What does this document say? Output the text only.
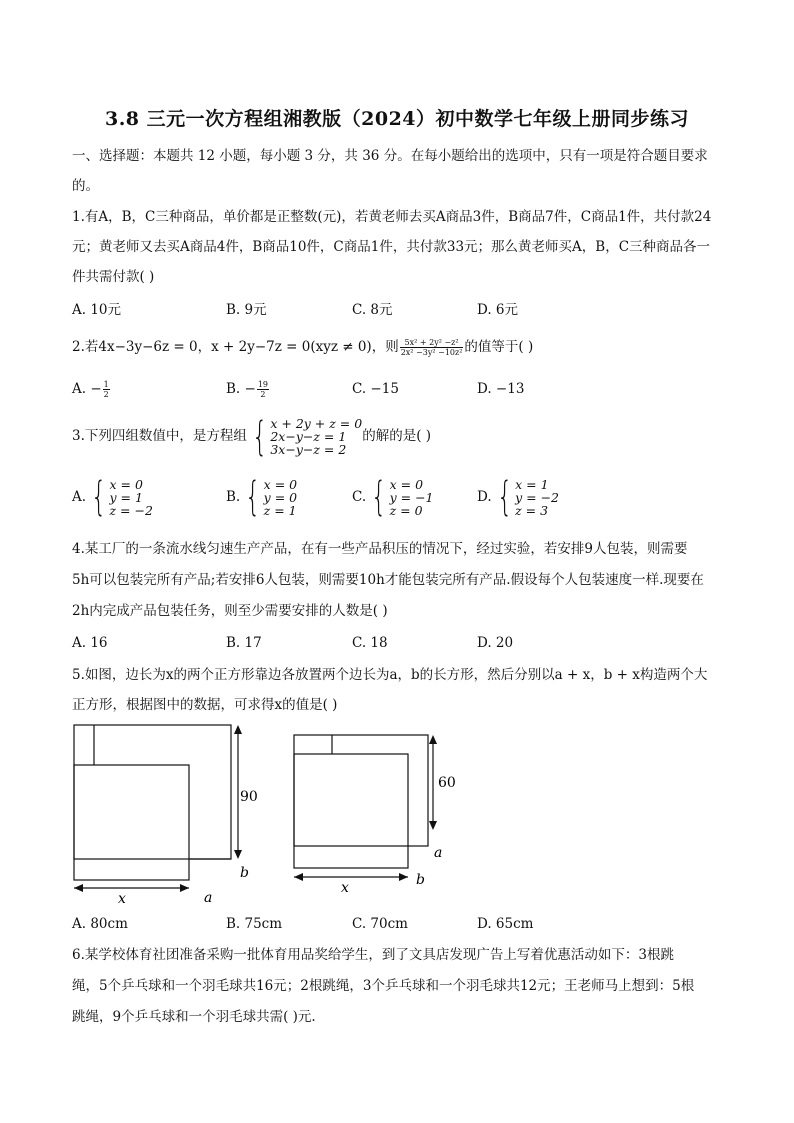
3.8 三元一次方程组湘教版（2024）初中数学七年级上册同步练习
一、选择题：本题共 12 小题，每小题 3 分，共 36 分。在每小题给出的选项中，只有一项是符合题目要求
的。
1.有A，B，C三种商品，单价都是正整数(元)，若黄老师去买A商品3件，B商品7件，C商品1件，共付款24
元；黄老师又去买A商品4件，B商品10件，C商品1件，共付款33元；那么黄老师买A，B，C三种商品各一
件共需付款( )
A. 10元	B. 9元	C. 8元	D. 6元
2.若4x−3y−6z = 0，x + 2y−7z = 0(xyz ≠ 0)，则 $\frac{\text{5x² + 2y² −z²}}{\text{2x² −3y² −10z²}}$ 的值等于( )
A. − $\frac{1}{2}$	B. − $\frac{19}{2}$	C. −15	D. −13
3.下列四组数值中，是方程组 { x + 2y + z = 0
2x−y−z = 1
3x−y−z = 2
的解的是( )
A. { x = 0
y = 1
z = −2
B. { x = 0
y = 0
z = 1
C. { x = 0
y = −1
z = 0
D. { x = 1
y = −2
z = 3
4.某工厂的一条流水线匀速生产产品，在有一些产品积压的情况下，经过实验，若安排9人包装，则需要
5h可以包装完所有产品;若安排6人包装，则需要10h才能包装完所有产品.假设每个人包装速度一样.现要在
2h内完成产品包装任务，则至少需要安排的人数是( )
A. 16	B. 17	C. 18	D. 20
5.如图，边长为x的两个正方形靠边各放置两个边长为a，b的长方形，然后分别以a + x，b + x构造两个大
正方形，根据图中的数据，可求得x的值是( )
90
60
x
x
a
b
a
b
A. 80cm	B. 75cm	C. 70cm	D. 65cm
6.某学校体育社团准备采购一批体育用品奖给学生，到了文具店发现广告上写着优惠活动如下：3根跳
绳，5个乒乓球和一个羽毛球共16元；2根跳绳，3个乒乓球和一个羽毛球共12元；王老师马上想到：5根
跳绳，9个乒乓球和一个羽毛球共需( )元.
